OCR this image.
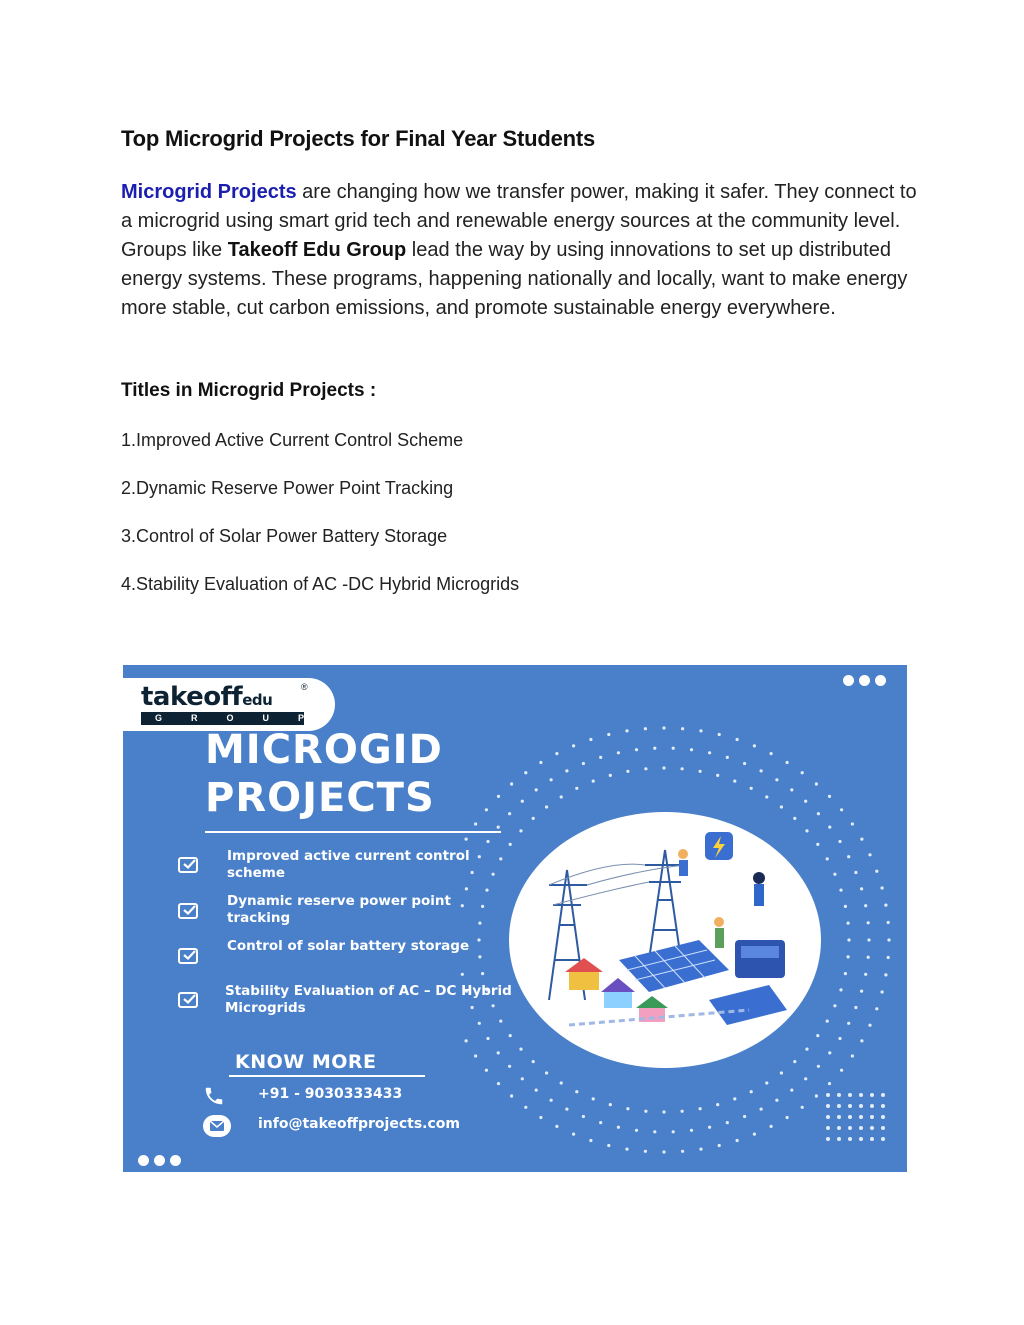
Top Microgrid Projects for Final Year Students
Microgrid Projects are changing how we transfer power, making it safer. They connect to a microgrid using smart grid tech and renewable energy sources at the community level. Groups like Takeoff Edu Group lead the way by using innovations to set up distributed energy systems. These programs, happening nationally and locally, want to make energy more stable, cut carbon emissions, and promote sustainable energy everywhere.
Titles in Microgrid Projects :
1.Improved Active Current Control Scheme
2.Dynamic Reserve Power Point Tracking
3.Control of Solar Power Battery Storage
4.Stability Evaluation of AC -DC Hybrid Microgrids
takeoffedu
®
GROUP
MICROGID
PROJECTS
Improved active current control scheme
Dynamic reserve power point tracking
Control of solar battery storage
Stability Evaluation of AC – DC Hybrid Microgrids
KNOW MORE
+91 - 9030333433
info@takeoffprojects.com
